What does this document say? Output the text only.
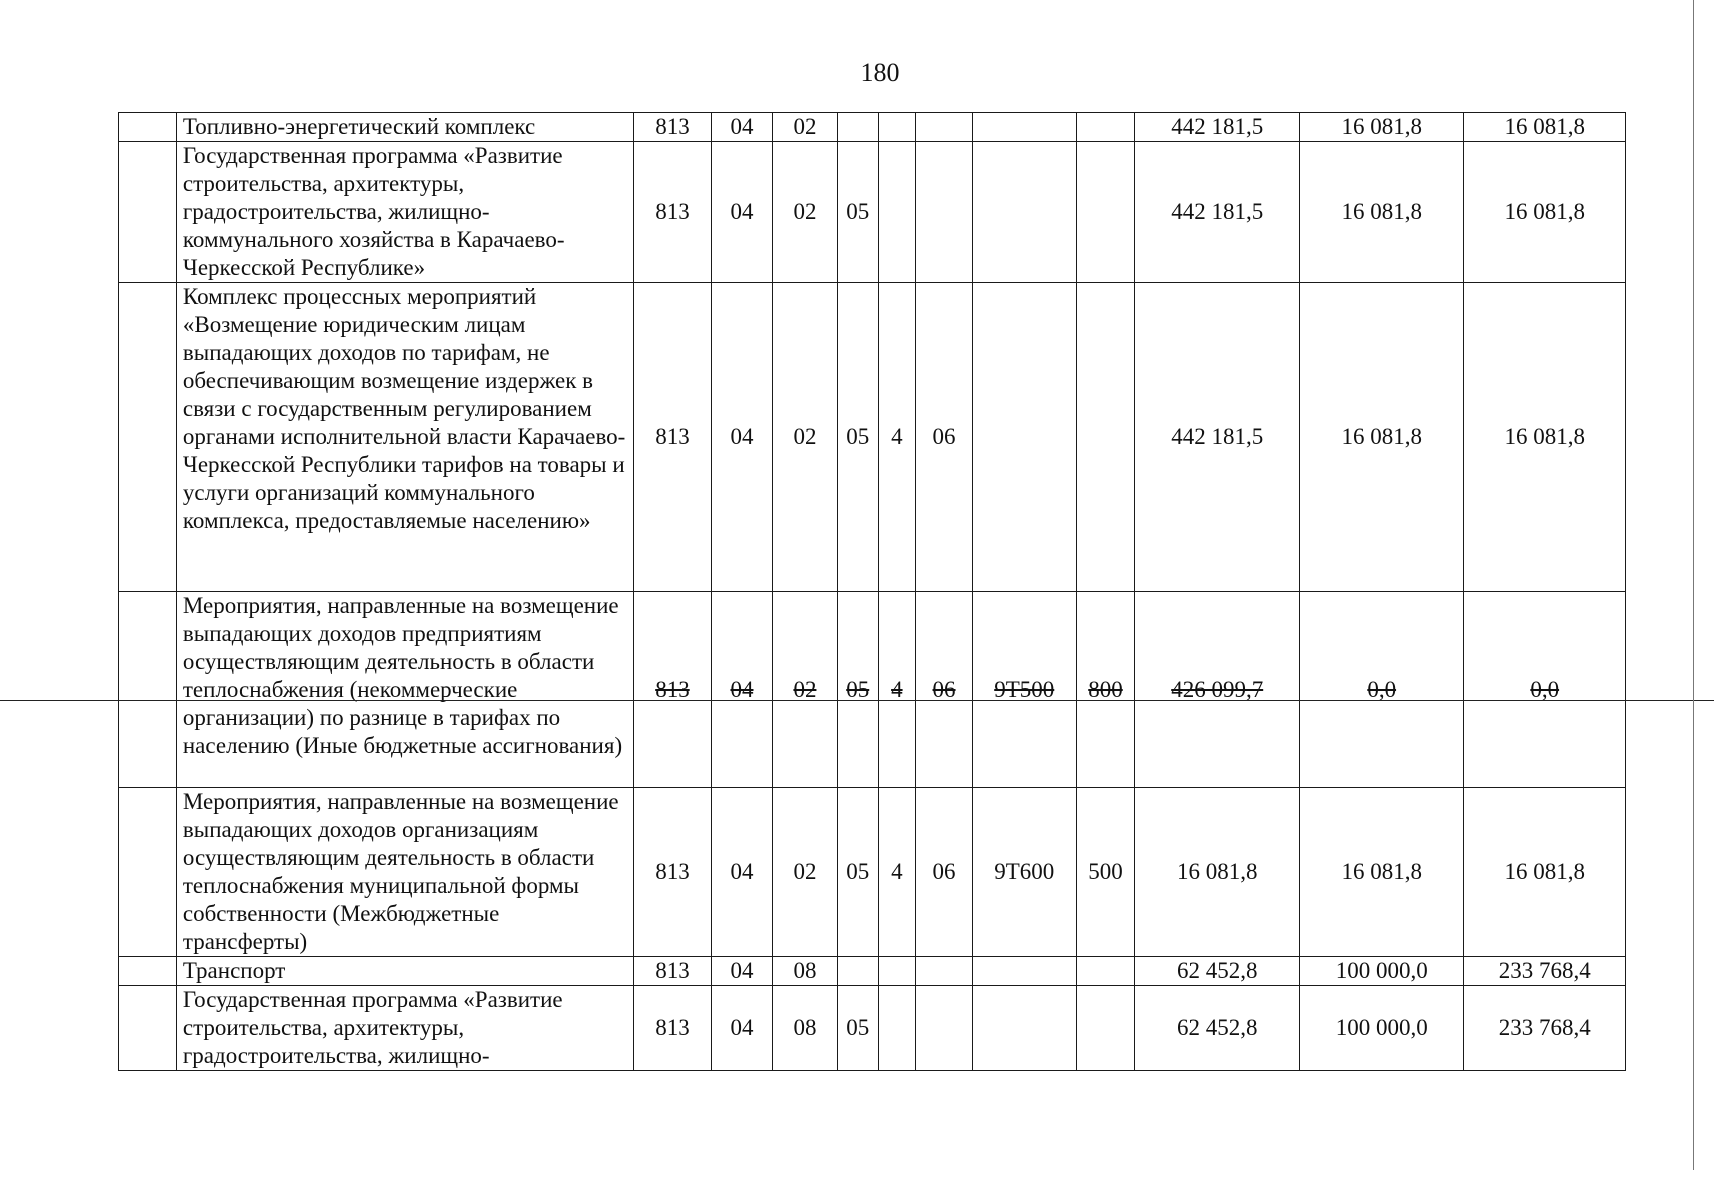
180
	Топливно-энергетический комплекс	813	04	02						442 181,5	16 081,8	16 081,8
	Государственная программа «Развитие строительства, архитектуры, градостроительства, жилищно-коммунального хозяйства в Карачаево-Черкесской Республике»	813	04	02	05					442 181,5	16 081,8	16 081,8
	Комплекс процессных мероприятий «Возмещение юридическим лицам выпадающих доходов по тарифам, не обеспечивающим возмещение издержек в связи с государственным регулированием органами исполнительной власти Карачаево-Черкесской Республики тарифов на товары и услуги организаций коммунального комплекса, предоставляемые населению»	813	04	02	05	4	06			442 181,5	16 081,8	16 081,8
	Мероприятия, направленные на возмещение выпадающих доходов предприятиям осуществляющим деятельность в области теплоснабжения (некоммерческие организации) по разнице в тарифах по населению (Иные бюджетные ассигнования)	813	04	02	05	4	06	9Т500	800	426 099,7	0,0	0,0
	Мероприятия, направленные на возмещение выпадающих доходов организациям осуществляющим деятельность в области теплоснабжения муниципальной формы собственности (Межбюджетные трансферты)	813	04	02	05	4	06	9Т600	500	16 081,8	16 081,8	16 081,8
	Транспорт	813	04	08						62 452,8	100 000,0	233 768,4
	Государственная программа «Развитие строительства, архитектуры, градостроительства, жилищно-	813	04	08	05					62 452,8	100 000,0	233 768,4
